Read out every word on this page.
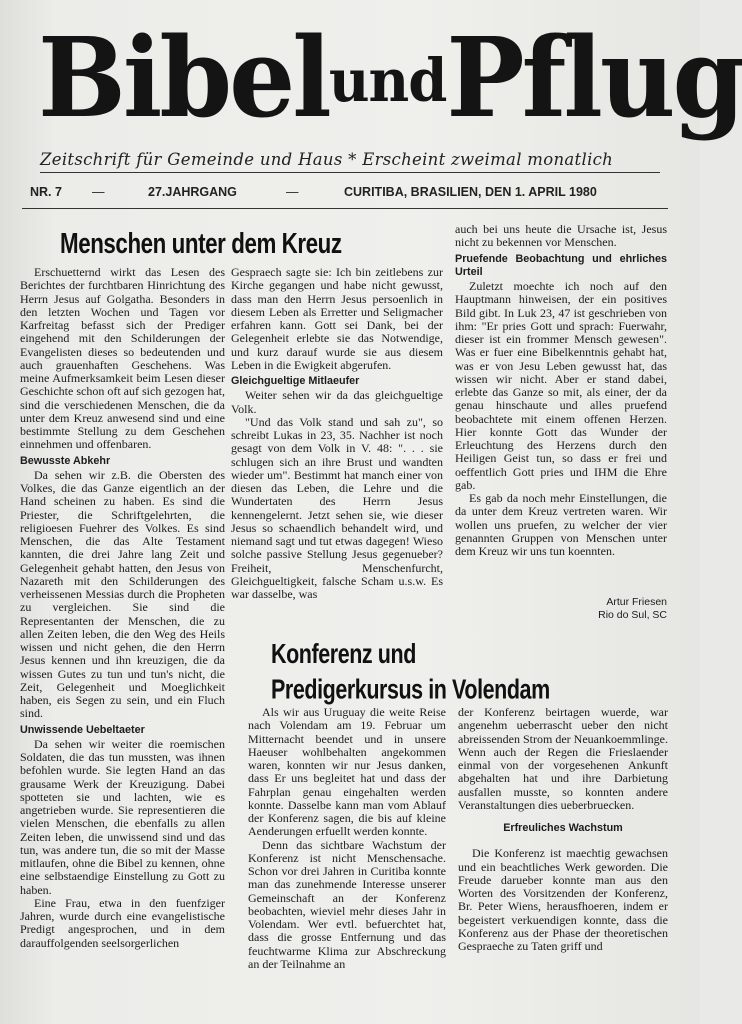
BibelundPflug
Zeitschrift für Gemeinde und Haus * Erscheint zweimal monatlich
NR. 7 —	27.JAHRGANG	—	CURITIBA, BRASILIEN, DEN 1. APRIL 1980
Menschen unter dem Kreuz

Erschuetternd wirkt das Lesen des Berichtes der furchtbaren Hinrichtung des Herrn Jesus auf Golgatha. Besonders in den letzten Wochen und Tagen vor Karfreitag befasst sich der Prediger eingehend mit den Schilderungen der Evangelisten dieses so bedeutenden und auch grauenhaften Geschehens. Was meine Aufmerksamkeit beim Lesen dieser Geschichte schon oft auf sich gezogen hat, sind die verschiedenen Menschen, die da unter dem Kreuz anwesend sind und eine bestimmte Stellung zu dem Geschehen einnehmen und offenbaren.

Bewusste Abkehr

Da sehen wir z.B. die Obersten des Volkes, die das Ganze eigentlich an der Hand scheinen zu haben. Es sind die Priester, die Schriftgelehrten, die religioesen Fuehrer des Volkes. Es sind Menschen, die das Alte Testament kannten, die drei Jahre lang Zeit und Gelegenheit gehabt hatten, den Jesus von Nazareth mit den Schilderungen des verheissenen Messias durch die Propheten zu vergleichen. Sie sind die Representanten der Menschen, die zu allen Zeiten leben, die den Weg des Heils wissen und nicht gehen, die den Herrn Jesus kennen und ihn kreuzigen, die da wissen Gutes zu tun und tun's nicht, die Zeit, Gelegenheit und Moeglichkeit haben, eis Segen zu sein, und ein Fluch sind.

Unwissende Uebeltaeter

Da sehen wir weiter die roemischen Soldaten, die das tun mussten, was ihnen befohlen wurde. Sie legten Hand an das grausame Werk der Kreuzigung. Dabei spotteten sie und lachten, wie es angetrieben wurde. Sie representieren die vielen Menschen, die ebenfalls zu allen Zeiten leben, die unwissend sind und das tun, was andere tun, die so mit der Masse mitlaufen, ohne die Bibel zu kennen, ohne eine selbstaendige Einstellung zu Gott zu haben.

Eine Frau, etwa in den fuenfziger Jahren, wurde durch eine evangelistische Predigt angesprochen, und in dem darauffolgenden seelsorgerlichen

Gespraech sagte sie: Ich bin zeitlebens zur Kirche gegangen und habe nicht gewusst, dass man den Herrn Jesus persoenlich in diesem Leben als Erretter und Seligmacher erfahren kann. Gott sei Dank, bei der Gelegenheit erlebte sie das Notwendige, und kurz darauf wurde sie aus diesem Leben in die Ewigkeit abgerufen.

Gleichgueltige Mitlaeufer

Weiter sehen wir da das gleichgueltige Volk.

"Und das Volk stand und sah zu", so schreibt Lukas in 23, 35. Nachher ist noch gesagt von dem Volk in V. 48: ". . . sie schlugen sich an ihre Brust und wandten wieder um". Bestimmt hat manch einer von diesen das Leben, die Lehre und die Wundertaten des Herrn Jesus kennengelernt. Jetzt sehen sie, wie dieser Jesus so schaendlich behandelt wird, und niemand sagt und tut etwas dagegen! Wieso solche passive Stellung Jesus gegenueber? Freiheit, Menschenfurcht, Gleichgueltigkeit, falsche Scham u.s.w. Es war dasselbe, was

auch bei uns heute die Ursache ist, Jesus nicht zu bekennen vor Menschen.

Pruefende Beobachtung und ehrliches Urteil

Zuletzt moechte ich noch auf den Hauptmann hinweisen, der ein positives Bild gibt. In Luk 23, 47 ist geschrieben von ihm: "Er pries Gott und sprach: Fuerwahr, dieser ist ein frommer Mensch gewesen". Was er fuer eine Bibelkenntnis gehabt hat, was er von Jesu Leben gewusst hat, das wissen wir nicht. Aber er stand dabei, erlebte das Ganze so mit, als einer, der da genau hinschaute und alles pruefend beobachtete mit einem offenen Herzen. Hier konnte Gott das Wunder der Erleuchtung des Herzens durch den Heiligen Geist tun, so dass er frei und oeffentlich Gott pries und IHM die Ehre gab.

Es gab da noch mehr Einstellungen, die da unter dem Kreuz vertreten waren. Wir wollen uns pruefen, zu welcher der vier genannten Gruppen von Menschen unter dem Kreuz wir uns tun koennten.

Artur Friesen
Rio do Sul, SC
Konferenz und
Predigerkursus in Volendam

Als wir aus Uruguay die weite Reise nach Volendam am 19. Februar um Mitternacht beendet und in unsere Haeuser wohlbehalten angekommen waren, konnten wir nur Jesus danken, dass Er uns begleitet hat und dass der Fahrplan genau eingehalten werden konnte. Dasselbe kann man vom Ablauf der Konferenz sagen, die bis auf kleine Aenderungen erfuellt werden konnte.

Denn das sichtbare Wachstum der Konferenz ist nicht Menschensache. Schon vor drei Jahren in Curitiba konnte man das zunehmende Interesse unserer Gemeinschaft an der Konferenz beobachten, wieviel mehr dieses Jahr in Volendam. Wer evtl. befuerchtet hat, dass die grosse Entfernung und das feuchtwarme Klima zur Abschreckung an der Teilnahme an

der Konferenz beirtagen wuerde, war angenehm ueberrascht ueber den nicht abreissenden Strom der Neuankoemmlinge. Wenn auch der Regen die Frieslaender einmal von der vorgesehenen Ankunft abgehalten hat und ihre Darbietung ausfallen musste, so konnten andere Veranstaltungen dies ueberbruecken.

Erfreuliches Wachstum

Die Konferenz ist maechtig gewachsen und ein beachtliches Werk geworden. Die Freude darueber konnte man aus den Worten des Vorsitzenden der Konferenz, Br. Peter Wiens, herausfhoeren, indem er begeistert verkuendigen konnte, dass die Konferenz aus der Phase der theoretischen Gespraeche zu Taten griff und
